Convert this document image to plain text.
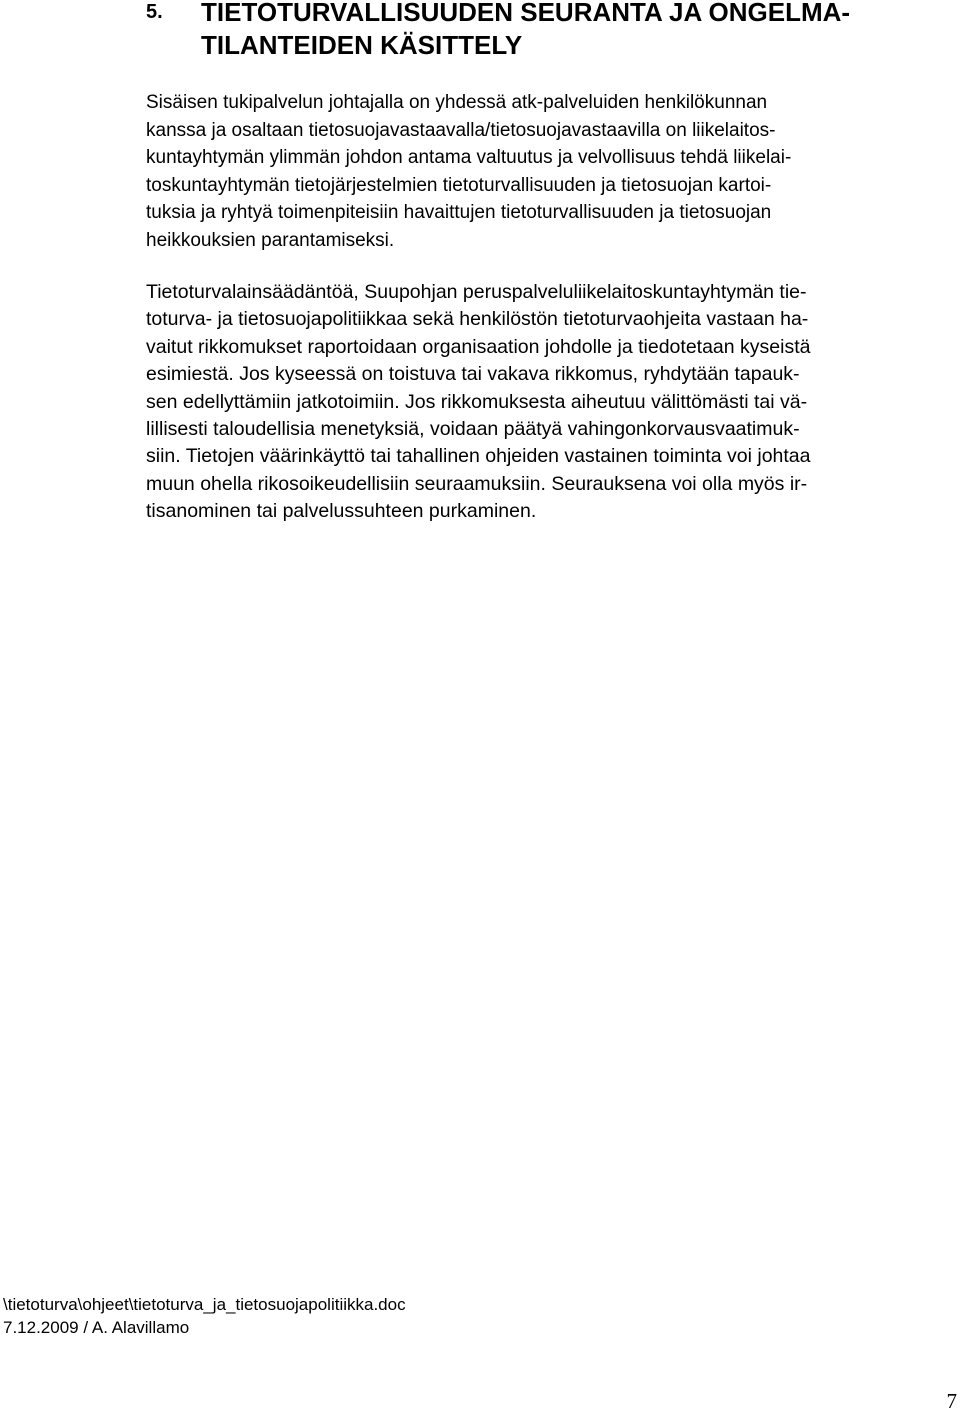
5.	TIETOTURVALLISUUDEN SEURANTA JA ONGELMA-
TILANTEIDEN KÄSITTELY

Sisäisen tukipalvelun johtajalla on yhdessä atk-palveluiden henkilökunnan
kanssa ja osaltaan tietosuojavastaavalla/tietosuojavastaavilla on liikelaitos-
kuntayhtymän ylimmän johdon antama valtuutus ja velvollisuus tehdä liikelai-
toskuntayhtymän tietojärjestelmien tietoturvallisuuden ja tietosuojan kartoi-
tuksia ja ryhtyä toimenpiteisiin havaittujen tietoturvallisuuden ja tietosuojan
heikkouksien parantamiseksi.

Tietoturvalainsäädäntöä, Suupohjan peruspalveluliikelaitoskuntayhtymän tie-
toturva- ja tietosuojapolitiikkaa sekä henkilöstön tietoturvaohjeita vastaan ha-
vaitut rikkomukset raportoidaan organisaation johdolle ja tiedotetaan kyseistä
esimiestä. Jos kyseessä on toistuva tai vakava rikkomus, ryhdytään tapauk-
sen edellyttämiin jatkotoimiin. Jos rikkomuksesta aiheutuu välittömästi tai vä-
lillisesti taloudellisia menetyksiä, voidaan päätyä vahingonkorvausvaatimuk-
siin. Tietojen väärinkäyttö tai tahallinen ohjeiden vastainen toiminta voi johtaa
muun ohella rikosoikeudellisiin seuraamuksiin. Seurauksena voi olla myös ir-
tisanominen tai palvelussuhteen purkaminen.

\tietoturva\ohjeet\tietoturva_ja_tietosuojapolitiikka.doc
7.12.2009 / A. Alavillamo
7
